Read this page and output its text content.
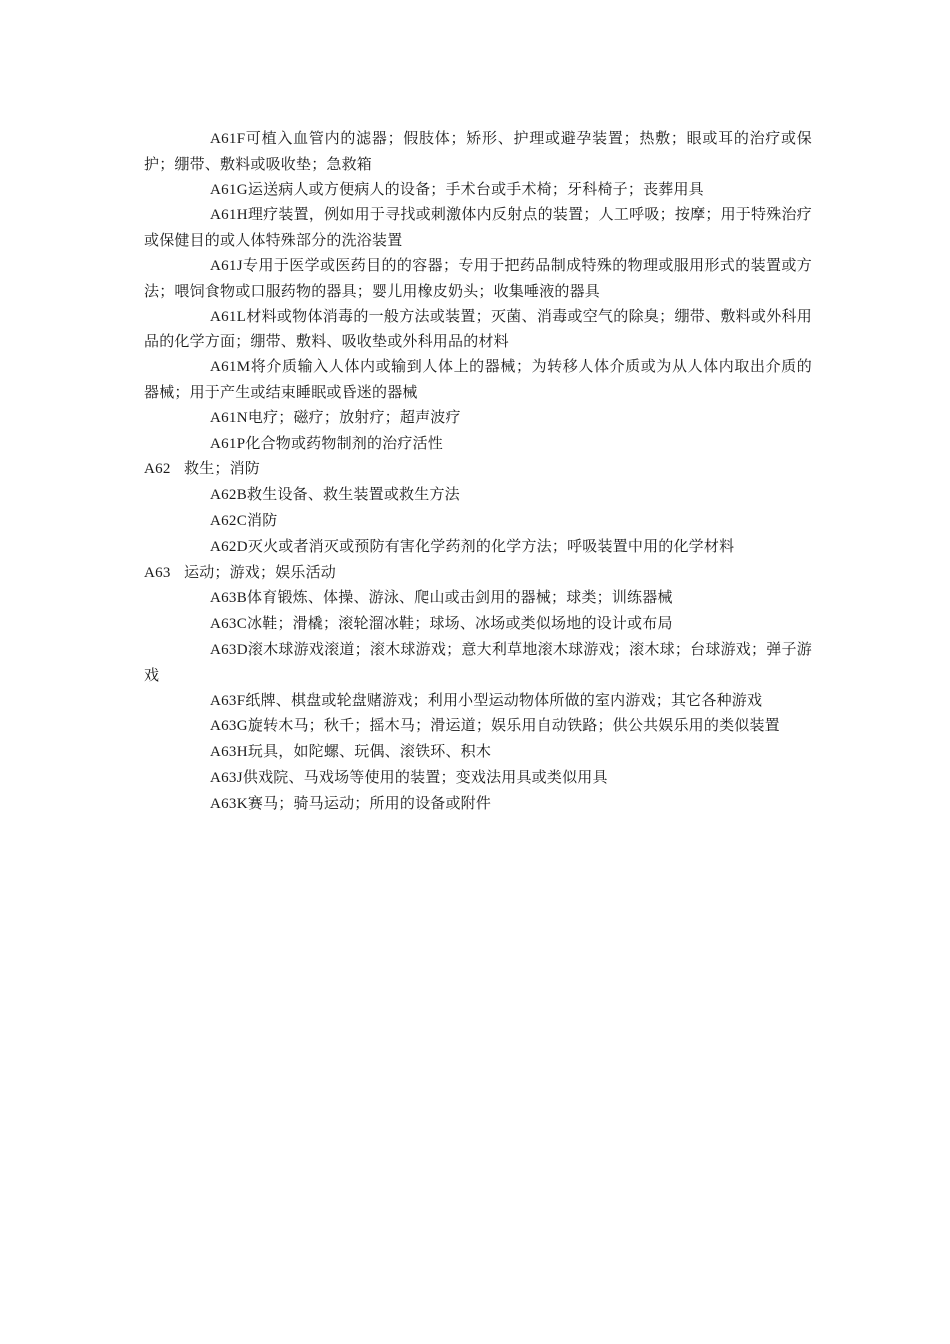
A61F可植入血管内的滤器；假肢体；矫形、护理或避孕装置；热敷；眼或耳的治疗或保护；绷带、敷料或吸收垫；急救箱

A61G运送病人或方便病人的设备；手术台或手术椅；牙科椅子；丧葬用具

A61H理疗装置，例如用于寻找或刺激体内反射点的装置；人工呼吸；按摩；用于特殊治疗或保健目的或人体特殊部分的洗浴装置

A61J专用于医学或医药目的的容器；专用于把药品制成特殊的物理或服用形式的装置或方法；喂饲食物或口服药物的器具；婴儿用橡皮奶头；收集唾液的器具

A61L材料或物体消毒的一般方法或装置；灭菌、消毒或空气的除臭；绷带、敷料或外科用品的化学方面；绷带、敷料、吸收垫或外科用品的材料

A61M将介质输入人体内或输到人体上的器械；为转移人体介质或为从人体内取出介质的器械；用于产生或结束睡眠或昏迷的器械

A61N电疗；磁疗；放射疗；超声波疗

A61P化合物或药物制剂的治疗活性

A62 救生；消防

A62B救生设备、救生装置或救生方法

A62C消防

A62D灭火或者消灭或预防有害化学药剂的化学方法；呼吸装置中用的化学材料

A63 运动；游戏；娱乐活动

A63B体育锻炼、体操、游泳、爬山或击剑用的器械；球类；训练器械

A63C冰鞋；滑橇；滚轮溜冰鞋；球场、冰场或类似场地的设计或布局

A63D滚木球游戏滚道；滚木球游戏；意大利草地滚木球游戏；滚木球；台球游戏；弹子游戏

A63F纸牌、棋盘或轮盘赌游戏；利用小型运动物体所做的室内游戏；其它各种游戏

A63G旋转木马；秋千；摇木马；滑运道；娱乐用自动铁路；供公共娱乐用的类似装置

A63H玩具，如陀螺、玩偶、滚铁环、积木

A63J供戏院、马戏场等使用的装置；变戏法用具或类似用具

A63K赛马；骑马运动；所用的设备或附件
